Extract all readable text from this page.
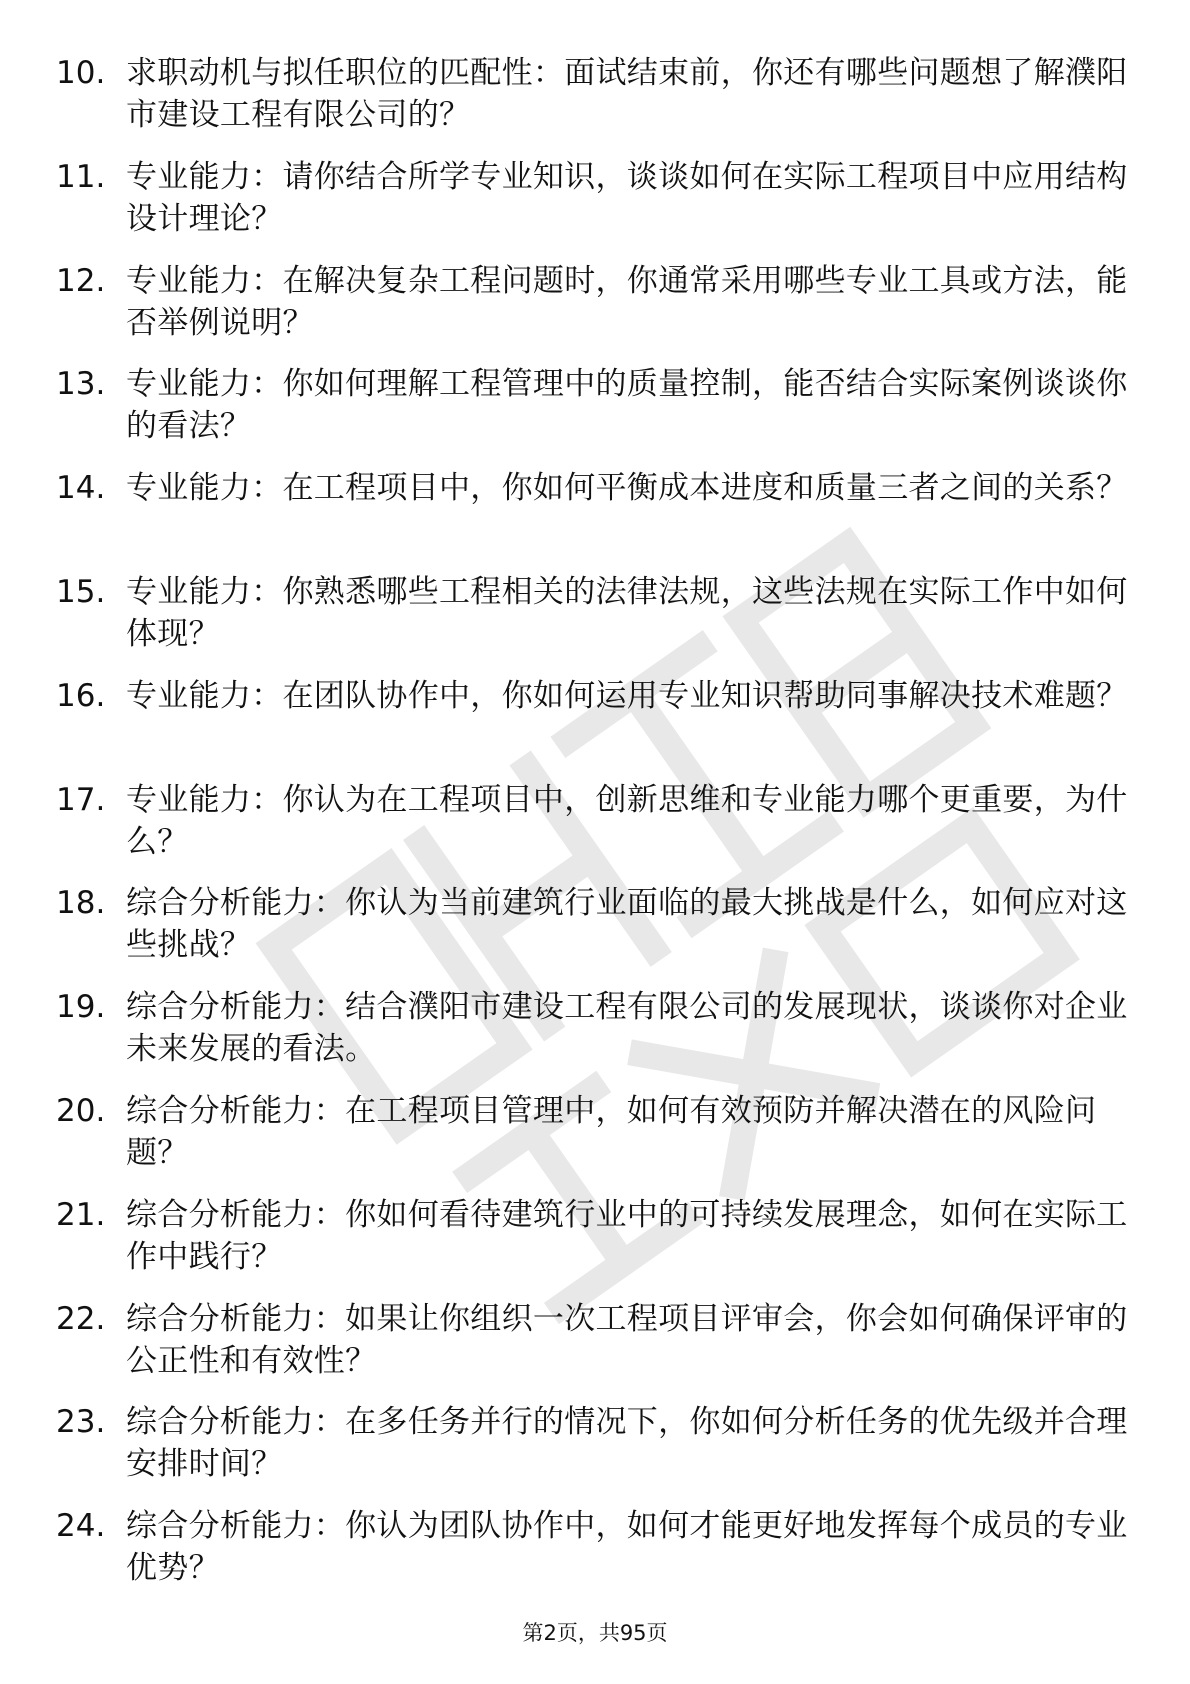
10. 求职动机与拟任职位的匹配性：面试结束前，你还有哪些问题想了解濮阳市建设工程有限公司的？
11. 专业能力：请你结合所学专业知识，谈谈如何在实际工程项目中应用结构设计理论？
12. 专业能力：在解决复杂工程问题时，你通常采用哪些专业工具或方法，能否举例说明？
13. 专业能力：你如何理解工程管理中的质量控制，能否结合实际案例谈谈你的看法？
14. 专业能力：在工程项目中，你如何平衡成本进度和质量三者之间的关系？
15. 专业能力：你熟悉哪些工程相关的法律法规，这些法规在实际工作中如何体现？
16. 专业能力：在团队协作中，你如何运用专业知识帮助同事解决技术难题？
17. 专业能力：你认为在工程项目中，创新思维和专业能力哪个更重要，为什么？
18. 综合分析能力：你认为当前建筑行业面临的最大挑战是什么，如何应对这些挑战？
19. 综合分析能力：结合濮阳市建设工程有限公司的发展现状，谈谈你对企业未来发展的看法。
20. 综合分析能力：在工程项目管理中，如何有效预防并解决潜在的风险问题？
21. 综合分析能力：你如何看待建筑行业中的可持续发展理念，如何在实际工作中践行？
22. 综合分析能力：如果让你组织一次工程项目评审会，你会如何确保评审的公正性和有效性？
23. 综合分析能力：在多任务并行的情况下，你如何分析任务的优先级并合理安排时间？
24. 综合分析能力：你认为团队协作中，如何才能更好地发挥每个成员的专业优势？
第2页，共95页
